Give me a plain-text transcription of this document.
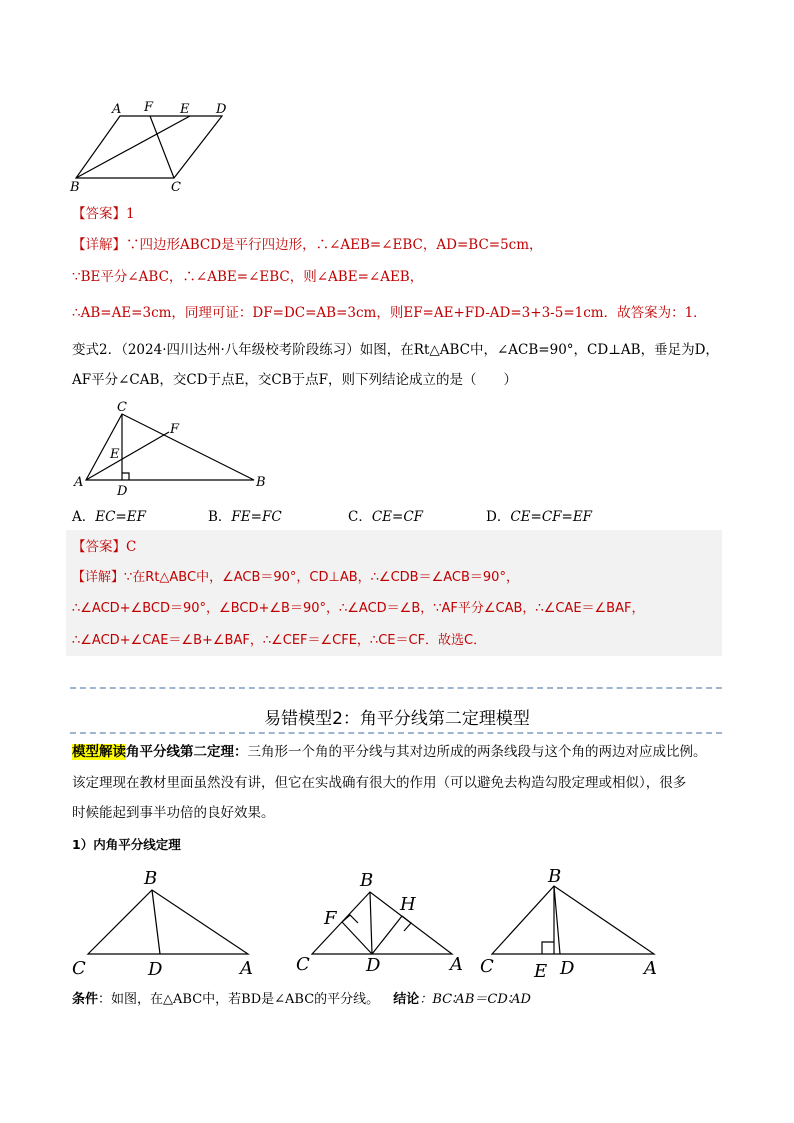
A F E D
B	C
【答案】1
【详解】∵四边形ABCD是平行四边形，∴∠AEB=∠EBC，AD=BC=5cm，
∵BE平分∠ABC，∴∠ABE=∠EBC，则∠ABE=∠AEB，
∴AB=AE=3cm，同理可证：DF=DC=AB=3cm，则EF=AE+FD-AD=3+3-5=1cm．故答案为：1．
变式2．（2024·四川达州·八年级校考阶段练习）如图，在Rt△ABC中，∠ACB=90°，CD⊥AB，垂足为D，
AF平分∠CAB，交CD于点E，交CB于点F，则下列结论成立的是（　　）
C
F
E
A
D
B
A．EC=EF	B．FE=FC	C．CE=CF	D．CE=CF=EF
【答案】C
【详解】∵在Rt△ABC中，∠ACB＝90°，CD⊥AB，∴∠CDB＝∠ACB＝90°，
∴∠ACD+∠BCD＝90°，∠BCD+∠B＝90°，∴∠ACD＝∠B，∵AF平分∠CAB，∴∠CAE＝∠BAF，
∴∠ACD+∠CAE＝∠B+∠BAF，∴∠CEF＝∠CFE，∴CE＝CF．故选C．
易错模型2：角平分线第二定理模型
模型解读角平分线第二定理：三角形一个角的平分线与其对边所成的两条线段与这个角的两边对应成比例。
该定理现在教材里面虽然没有讲，但它在实战确有很大的作用（可以避免去构造勾股定理或相似），很多
时候能起到事半功倍的良好效果。
1）内角平分线定理
B
C	D	A
B
F
H
C	D	A
B
C E D	A
条件：如图，在△ABC中，若BD是∠ABC的平分线。 结论：BC∶AB＝CD∶AD
